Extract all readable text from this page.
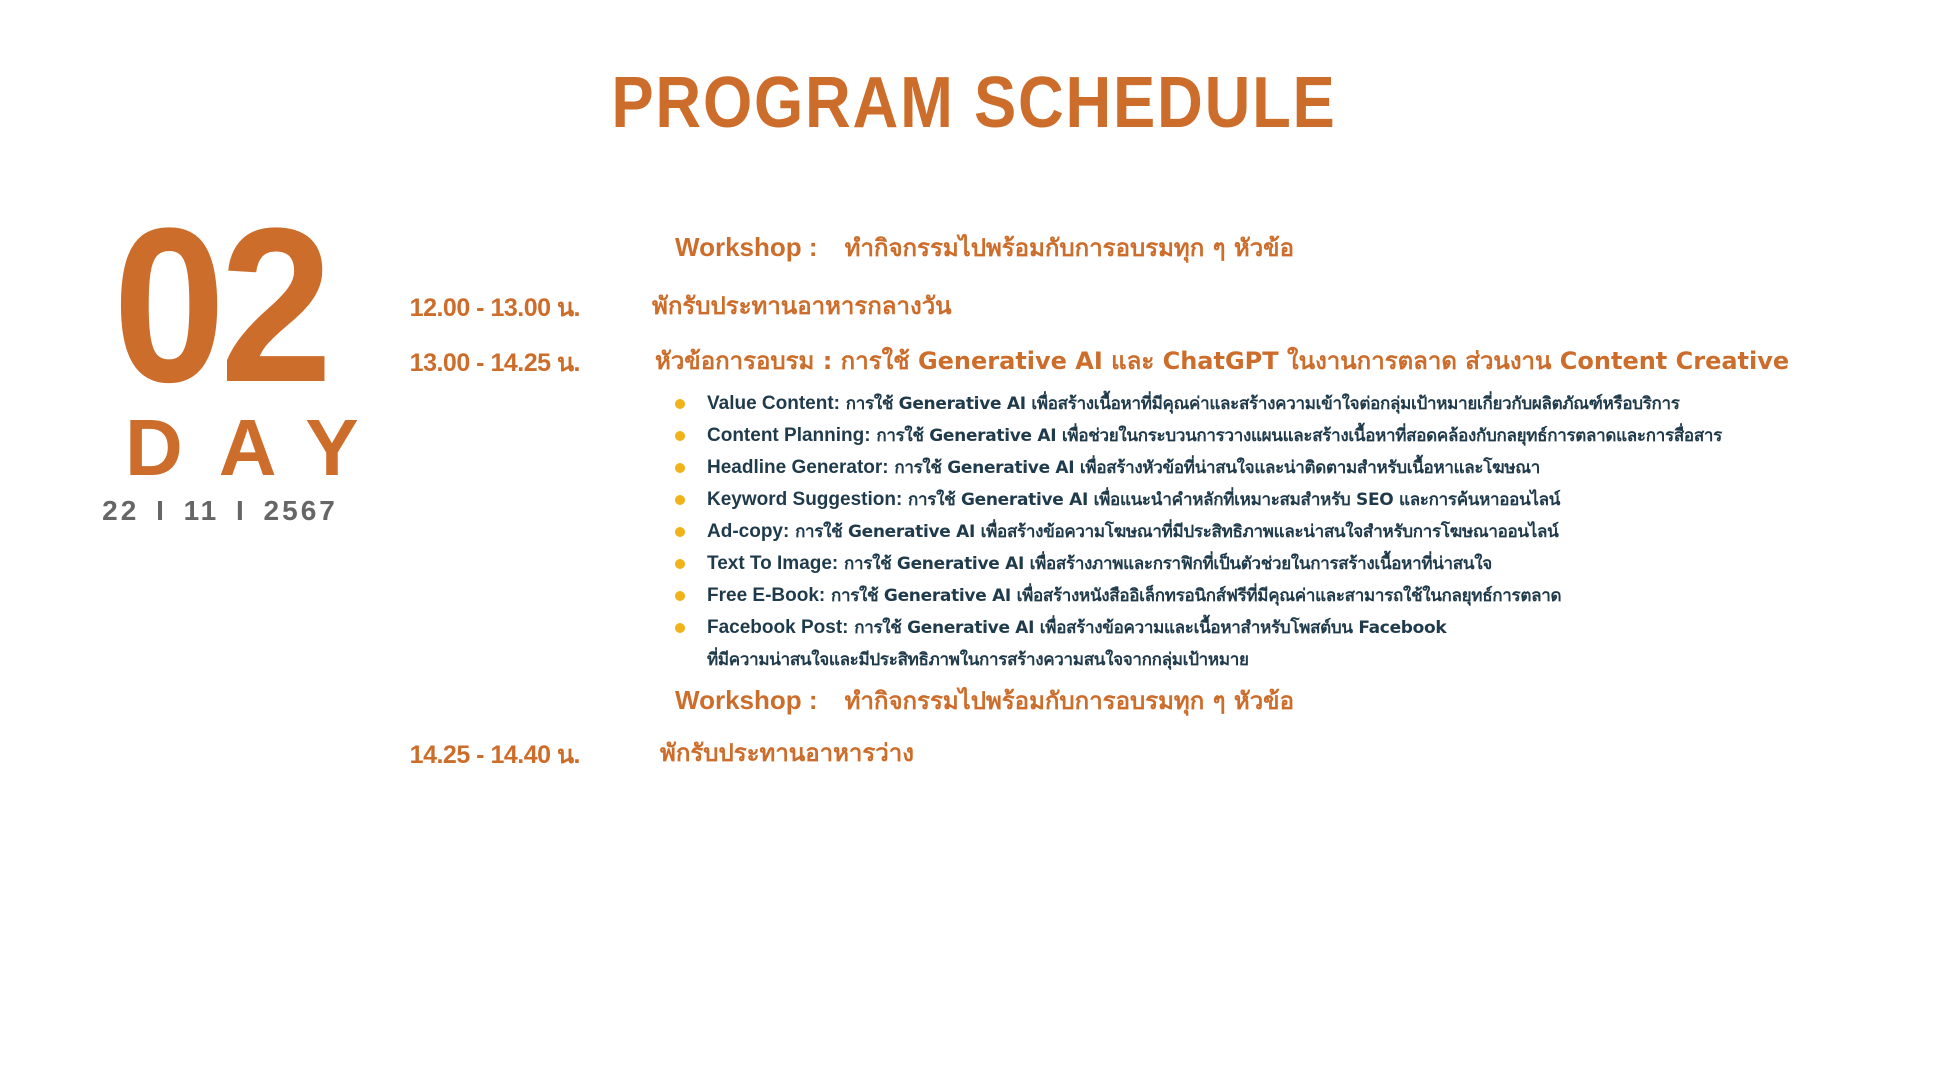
PROGRAM SCHEDULE
02
DAY
22 I 11 I 2567
Workshop : ทำกิจกรรมไปพร้อมกับการอบรมทุก ๆ หัวข้อ
12.00 - 13.00 น.	พักรับประทานอาหารกลางวัน
13.00 - 14.25 น.	หัวข้อการอบรม : การใช้ Generative AI และ ChatGPT ในงานการตลาด ส่วนงาน Content Creative
Value Content: การใช้ Generative AI เพื่อสร้างเนื้อหาที่มีคุณค่าและสร้างความเข้าใจต่อกลุ่มเป้าหมายเกี่ยวกับผลิตภัณฑ์หรือบริการ
Content Planning: การใช้ Generative AI เพื่อช่วยในกระบวนการวางแผนและสร้างเนื้อหาที่สอดคล้องกับกลยุทธ์การตลาดและการสื่อสาร
Headline Generator: การใช้ Generative AI เพื่อสร้างหัวข้อที่น่าสนใจและน่าติดตามสำหรับเนื้อหาและโฆษณา
Keyword Suggestion: การใช้ Generative AI เพื่อแนะนำคำหลักที่เหมาะสมสำหรับ SEO และการค้นหาออนไลน์
Ad-copy: การใช้ Generative AI เพื่อสร้างข้อความโฆษณาที่มีประสิทธิภาพและน่าสนใจสำหรับการโฆษณาออนไลน์
Text To Image: การใช้ Generative AI เพื่อสร้างภาพและกราฟิกที่เป็นตัวช่วยในการสร้างเนื้อหาที่น่าสนใจ
Free E-Book: การใช้ Generative AI เพื่อสร้างหนังสืออิเล็กทรอนิกส์ฟรีที่มีคุณค่าและสามารถใช้ในกลยุทธ์การตลาด
Facebook Post: การใช้ Generative AI เพื่อสร้างข้อความและเนื้อหาสำหรับโพสต์บน Facebook
ที่มีความน่าสนใจและมีประสิทธิภาพในการสร้างความสนใจจากกลุ่มเป้าหมาย
Workshop : ทำกิจกรรมไปพร้อมกับการอบรมทุก ๆ หัวข้อ
14.25 - 14.40 น.	พักรับประทานอาหารว่าง
